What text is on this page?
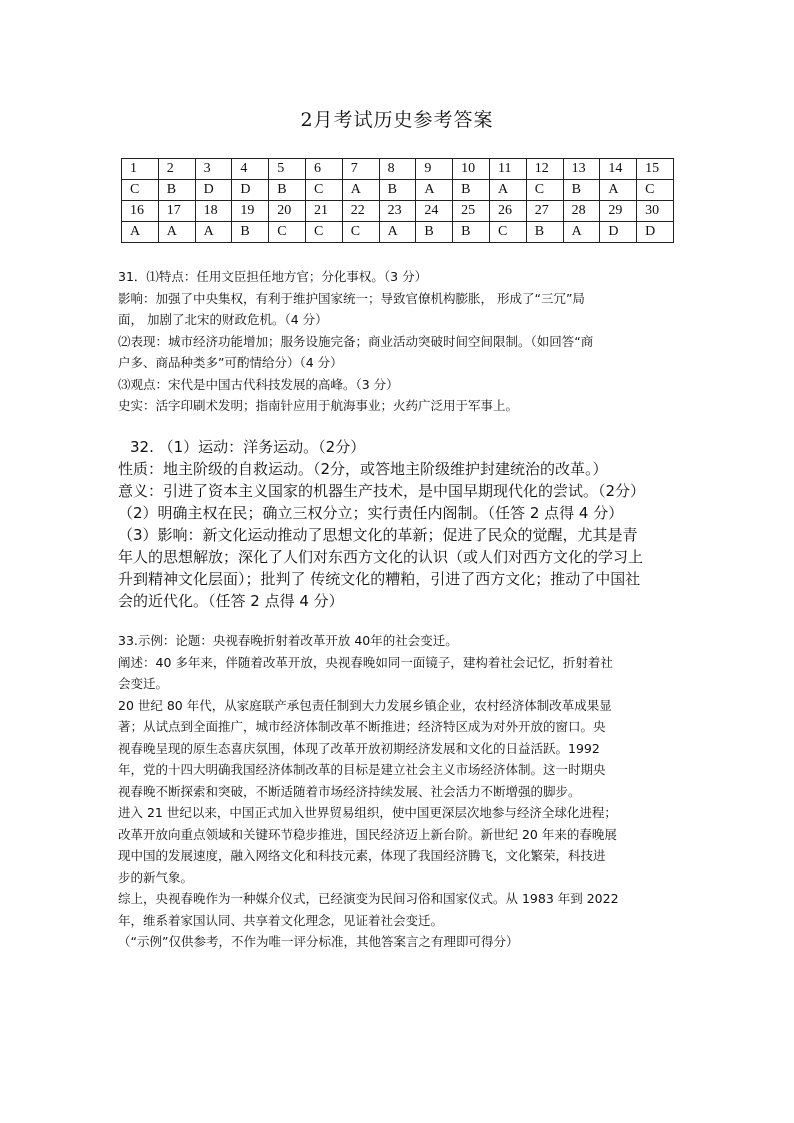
2月考试历史参考答案
1	2	3	4	5	6	7	8	9	10	11	12	13	14	15
C	B	D	D	B	C	A	B	A	B	A	C	B	A	C
16	17	18	19	20	21	22	23	24	25	26	27	28	29	30
A	A	A	B	C	C	C	A	B	B	C	B	A	D	D
31．⑴特点：任用文臣担任地方官；分化事权。（3 分）
影响：加强了中央集权，有利于维护国家统一；导致官僚机构膨胀， 形成了“三冗”局
面， 加剧了北宋的财政危机。（4 分）
⑵表现：城市经济功能增加；服务设施完备；商业活动突破时间空间限制。（如回答“商
户多、商品种类多”可酌情给分）（4 分）
⑶观点：宋代是中国古代科技发展的高峰。（3 分）
史实：活字印刷术发明；指南针应用于航海事业；火药广泛用于军事上。
32. （1）运动：洋务运动。（2分）
性质：地主阶级的自救运动。（2分，或答地主阶级维护封建统治的改革。）
意义：引进了资本主义国家的机器生产技术，是中国早期现代化的尝试。（2分）
（2）明确主权在民；确立三权分立；实行责任内阁制。（任答 2 点得 4 分）
（3）影响：新文化运动推动了思想文化的革新；促进了民众的觉醒，尤其是青
年人的思想解放；深化了人们对东西方文化的认识（或人们对西方文化的学习上
升到精神文化层面）；批判了 传统文化的糟粕，引进了西方文化；推动了中国社
会的近代化。（任答 2 点得 4 分）
33.示例：论题：央视春晚折射着改革开放 40年的社会变迁。
阐述：40 多年来，伴随着改革开放，央视春晚如同一面镜子，建构着社会记忆，折射着社
会变迁。
20 世纪 80 年代，从家庭联产承包责任制到大力发展乡镇企业，农村经济体制改革成果显
著；从试点到全面推广，城市经济体制改革不断推进；经济特区成为对外开放的窗口。央
视春晚呈现的原生态喜庆氛围，体现了改革开放初期经济发展和文化的日益活跃。1992
年，党的十四大明确我国经济体制改革的目标是建立社会主义市场经济体制。这一时期央
视春晚不断探索和突破，不断适随着市场经济持续发展、社会活力不断增强的脚步。
进入 21 世纪以来，中国正式加入世界贸易组织，使中国更深层次地参与经济全球化进程；
改革开放向重点领域和关键环节稳步推进，国民经济迈上新台阶。新世纪 20 年来的春晚展
现中国的发展速度，融入网络文化和科技元素，体现了我国经济腾飞，文化繁荣，科技进
步的新气象。
综上，央视春晚作为一种媒介仪式，已经演变为民间习俗和国家仪式。从 1983 年到 2022
年，维系着家国认同、共享着文化理念，见证着社会变迁。
（“示例”仅供参考，不作为唯一评分标准，其他答案言之有理即可得分）
